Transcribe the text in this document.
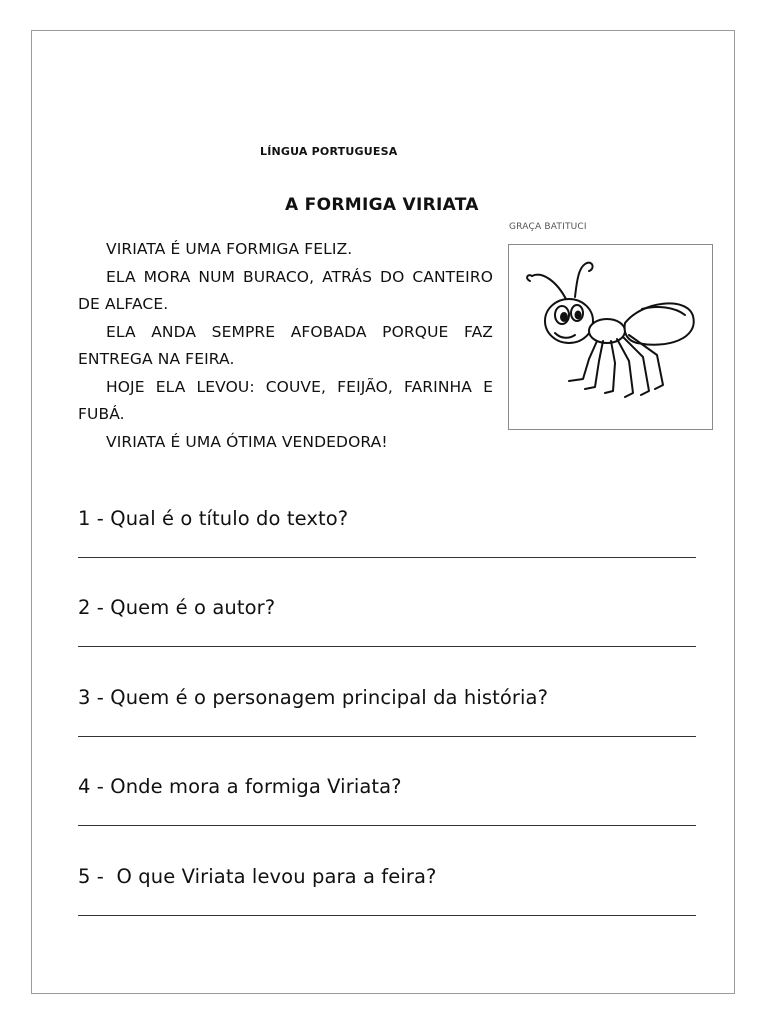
LÍNGUA PORTUGUESA
A FORMIGA VIRIATA
GRAÇA BATITUCI

VIRIATA É UMA FORMIGA FELIZ.

ELA MORA NUM BURACO, ATRÁS DO CANTEIRO DE ALFACE.

ELA ANDA SEMPRE AFOBADA PORQUE FAZ ENTREGA NA FEIRA.

HOJE ELA LEVOU: COUVE, FEIJÃO, FARINHA E FUBÁ.

VIRIATA É UMA ÓTIMA VENDEDORA!

1 - Qual é o título do texto?
2 - Quem é o autor?
3 - Quem é o personagem principal da história?
4 - Onde mora a formiga Viriata?
5 -  O que Viriata levou para a feira?
